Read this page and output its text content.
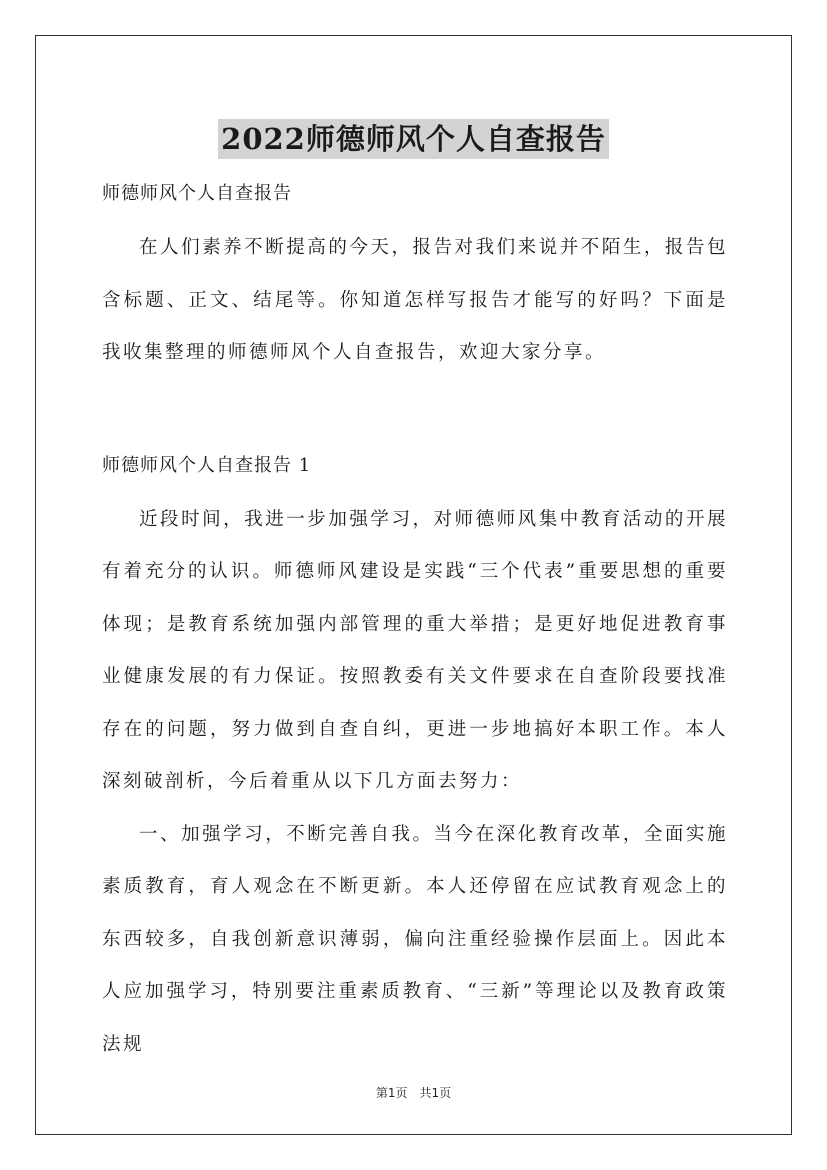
2022师德师风个人自查报告

师德师风个人自查报告

在人们素养不断提高的今天，报告对我们来说并不陌生，报告包含标题、正文、结尾等。你知道怎样写报告才能写的好吗？下面是我收集整理的师德师风个人自查报告，欢迎大家分享。

师德师风个人自查报告 1

近段时间，我进一步加强学习，对师德师风集中教育活动的开展有着充分的认识。师德师风建设是实践“三个代表”重要思想的重要体现；是教育系统加强内部管理的重大举措；是更好地促进教育事业健康发展的有力保证。按照教委有关文件要求在自查阶段要找准存在的问题，努力做到自查自纠，更进一步地搞好本职工作。本人深刻破剖析，今后着重从以下几方面去努力：

一、加强学习，不断完善自我。当今在深化教育改革，全面实施素质教育，育人观念在不断更新。本人还停留在应试教育观念上的东西较多，自我创新意识薄弱，偏向注重经验操作层面上。因此本人应加强学习，特别要注重素质教育、“三新”等理论以及教育政策法规

第1页 共1页
